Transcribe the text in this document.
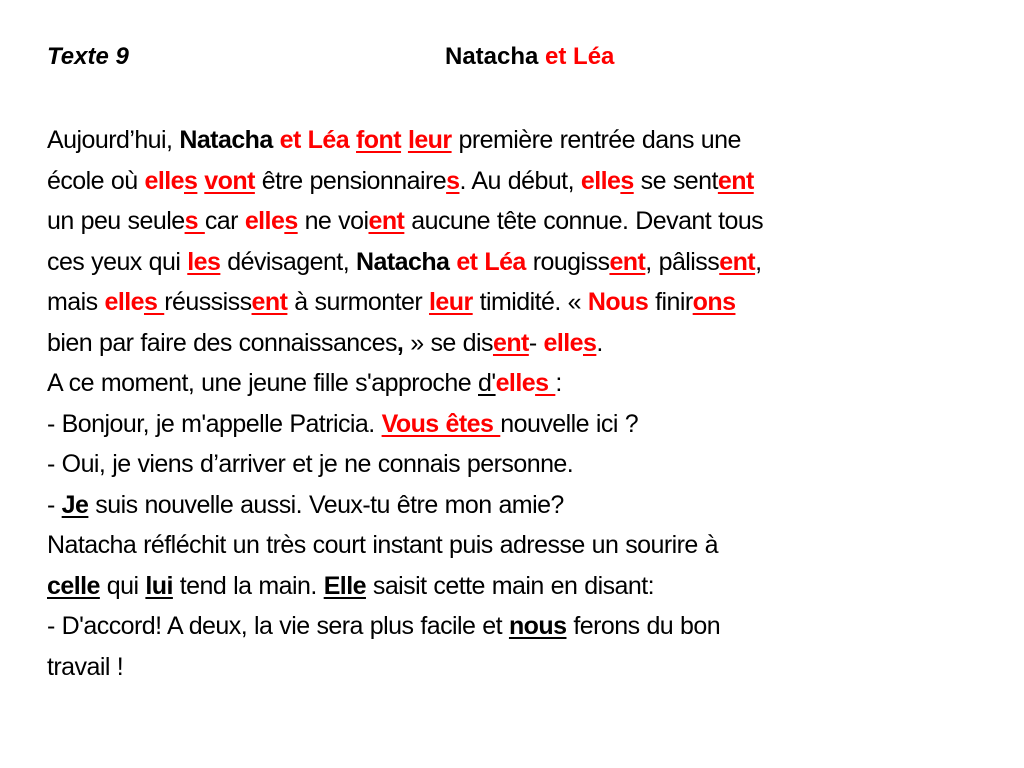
Texte 9	Natacha et Léa
Aujourd’hui, Natacha et Léa font leur première rentrée dans une
école où elles vont être pensionnaires. Au début, elles se sentent
un peu seules car elles ne voient aucune tête connue. Devant tous
ces yeux qui les dévisagent, Natacha et Léa rougissent, pâlissent,
mais elles réussissent à surmonter leur timidité. « Nous finirons
bien par faire des connaissances, » se disent- elles.
A ce moment, une jeune fille s'approche d'elles :
- Bonjour, je m'appelle Patricia. Vous êtes nouvelle ici ?
- Oui, je viens d’arriver et je ne connais personne.
- Je suis nouvelle aussi. Veux-tu être mon amie?
Natacha réfléchit un très court instant puis adresse un sourire à
celle qui lui tend la main. Elle saisit cette main en disant:
- D'accord! A deux, la vie sera plus facile et nous ferons du bon
travail !
